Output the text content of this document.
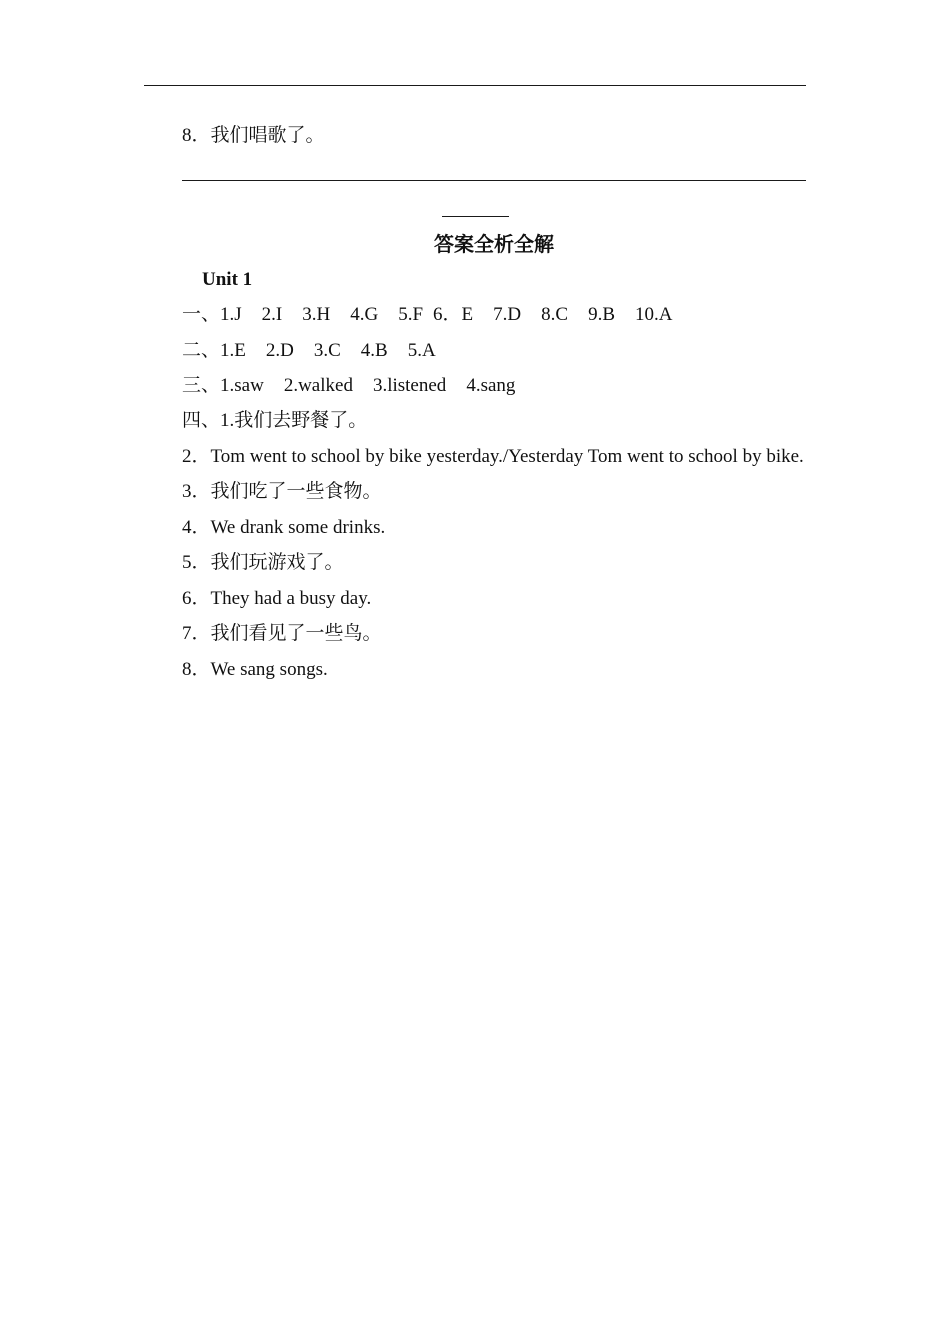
8．我们唱歌了。
答案全析全解
Unit 1
一、1.J 2.I 3.H 4.G 5.F 6．E 7.D 8.C 9.B 10.A
二、1.E 2.D 3.C 4.B 5.A
三、1.saw 2.walked 3.listened 4.sang
四、1.我们去野餐了。
2．Tom went to school by bike yesterday./Yesterday Tom went to school by bike.
3．我们吃了一些食物。
4．We drank some drinks.
5．我们玩游戏了。
6．They had a busy day.
7．我们看见了一些鸟。
8．We sang songs.
